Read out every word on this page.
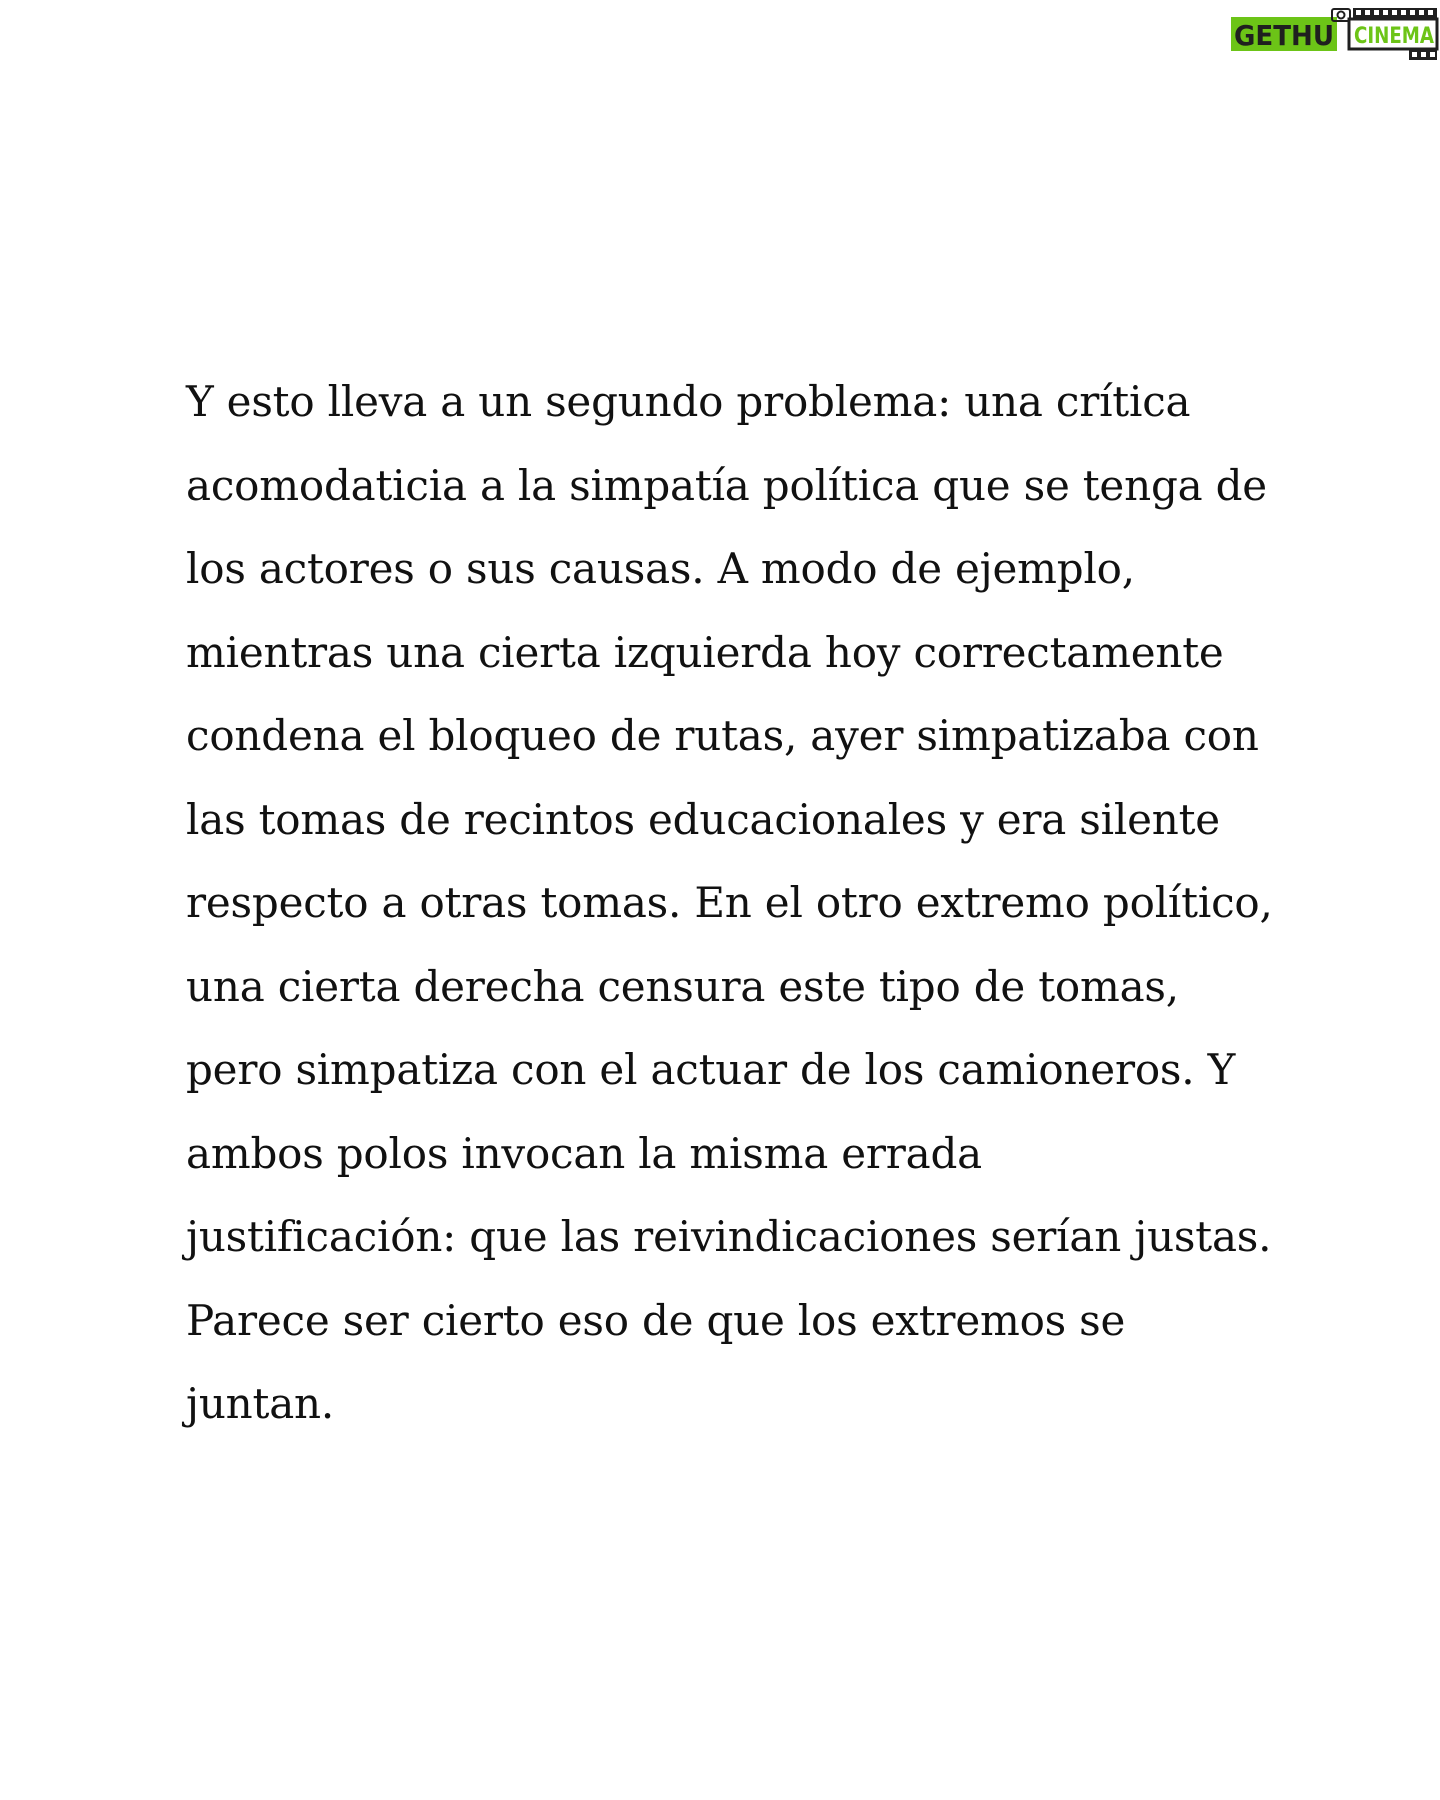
GETHU CINEMA
Y esto lleva a un segundo problema: una crítica
acomodaticia a la simpatía política que se tenga de
los actores o sus causas. A modo de ejemplo,
mientras una cierta izquierda hoy correctamente
condena el bloqueo de rutas, ayer simpatizaba con
las tomas de recintos educacionales y era silente
respecto a otras tomas. En el otro extremo político,
una cierta derecha censura este tipo de tomas,
pero simpatiza con el actuar de los camioneros. Y
ambos polos invocan la misma errada
justificación: que las reivindicaciones serían justas.
Parece ser cierto eso de que los extremos se
juntan.
